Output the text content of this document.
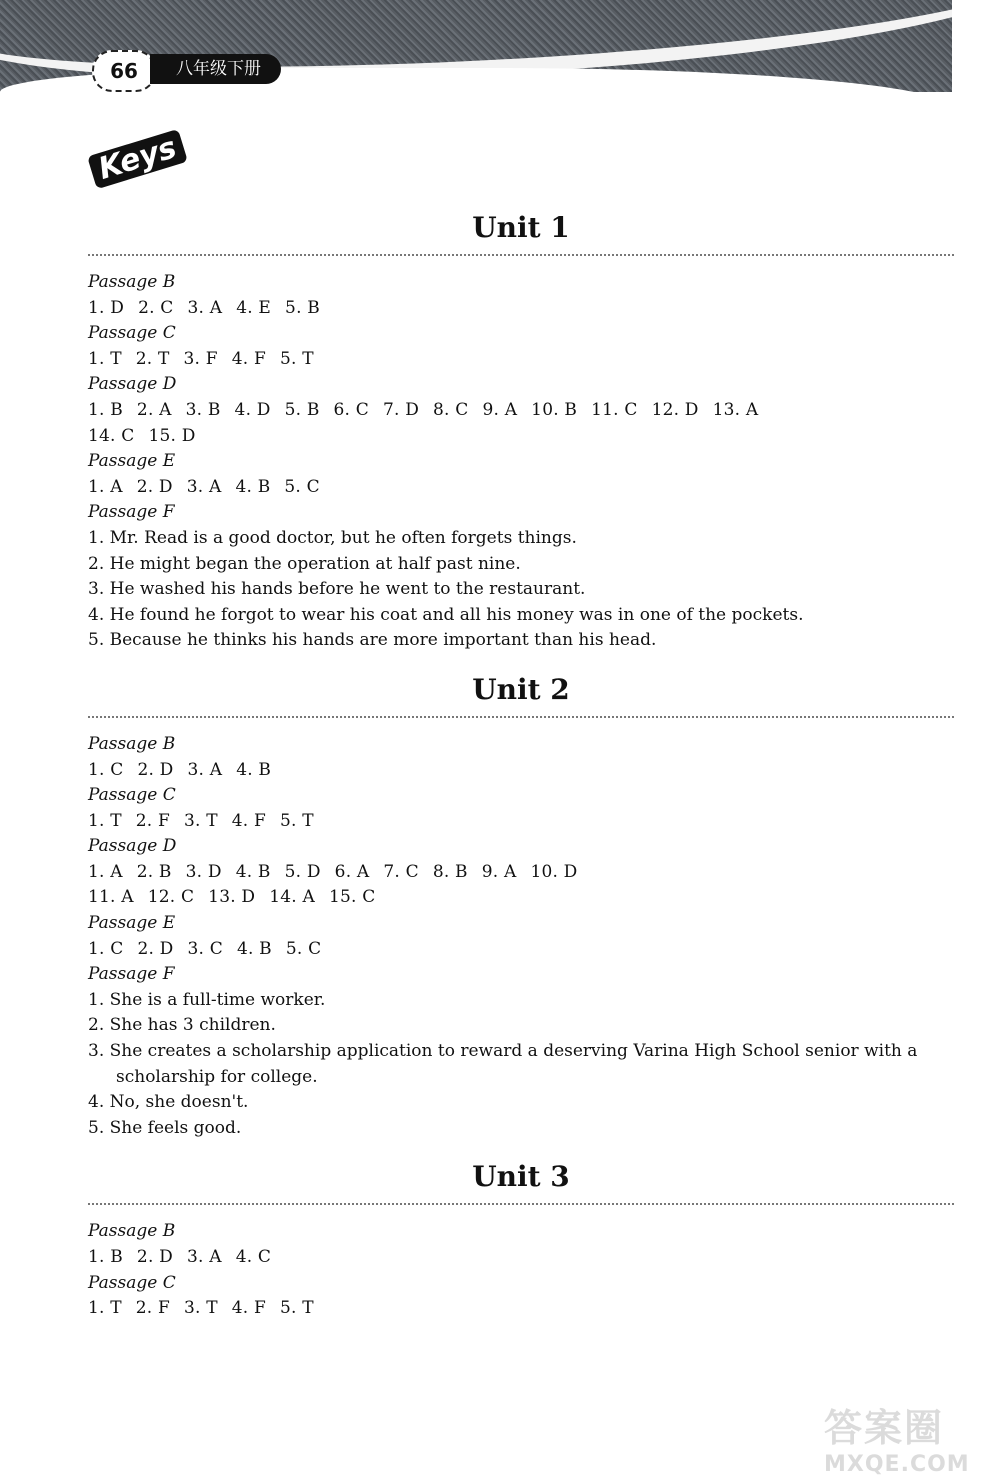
66	八年级下册
Keys
Unit 1

Passage B

1. D 2. C 3. A 4. E 5. B

Passage C

1. T 2. T 3. F 4. F 5. T

Passage D

1. B 2. A 3. B 4. D 5. B 6. C 7. D 8. C 9. A 10. B 11. C 12. D 13. A

14. C 15. D

Passage E

1. A 2. D 3. A 4. B 5. C

Passage F

1. Mr. Read is a good doctor, but he often forgets things.

2. He might began the operation at half past nine.

3. He washed his hands before he went to the restaurant.

4. He found he forgot to wear his coat and all his money was in one of the pockets.

5. Because he thinks his hands are more important than his head.

Unit 2

Passage B

1. C 2. D 3. A 4. B

Passage C

1. T 2. F 3. T 4. F 5. T

Passage D

1. A 2. B 3. D 4. B 5. D 6. A 7. C 8. B 9. A 10. D

11. A 12. C 13. D 14. A 15. C

Passage E

1. C 2. D 3. C 4. B 5. C

Passage F

1. She is a full-time worker.

2. She has 3 children.

3. She creates a scholarship application to reward a deserving Varina High School senior with a scholarship for college.

4. No, she doesn't.

5. She feels good.

Unit 3

Passage B

1. B 2. D 3. A 4. C

Passage C

1. T 2. F 3. T 4. F 5. T

答案圈
MXQE.COM
